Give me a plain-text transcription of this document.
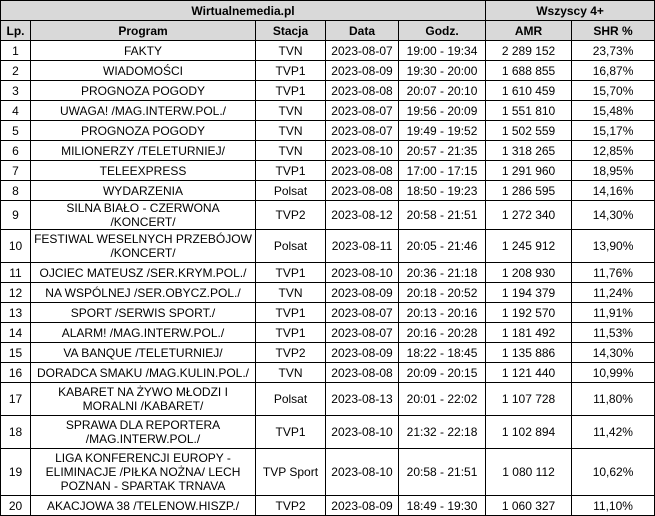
Wirtualnemedia.pl					Wszyscy 4+	
Lp.	Program	Stacja	Data	Godz.	AMR	SHR %
1	FAKTY	TVN	2023-08-07	19:00 - 19:34	2 289 152	23,73%
2	WIADOMOŚCI	TVP1	2023-08-09	19:30 - 20:00	1 688 855	16,87%
3	PROGNOZA POGODY	TVP1	2023-08-08	20:07 - 20:10	1 610 459	15,70%
4	UWAGA! /MAG.INTERW.POL./	TVN	2023-08-07	19:56 - 20:09	1 551 810	15,48%
5	PROGNOZA POGODY	TVN	2023-08-07	19:49 - 19:52	1 502 559	15,17%
6	MILIONERZY /TELETURNIEJ/	TVN	2023-08-10	20:57 - 21:35	1 318 265	12,85%
7	TELEEXPRESS	TVP1	2023-08-08	17:00 - 17:15	1 291 960	18,95%
8	WYDARZENIA	Polsat	2023-08-08	18:50 - 19:23	1 286 595	14,16%
9	SILNA BIAŁO - CZERWONA /KONCERT/	TVP2	2023-08-12	20:58 - 21:51	1 272 340	14,30%
10	FESTIWAL WESELNYCH PRZEBÓJOW /KONCERT/	Polsat	2023-08-11	20:05 - 21:46	1 245 912	13,90%
11	OJCIEC MATEUSZ /SER.KRYM.POL./	TVP1	2023-08-10	20:36 - 21:18	1 208 930	11,76%
12	NA WSPÓLNEJ /SER.OBYCZ.POL./	TVN	2023-08-09	20:18 - 20:52	1 194 379	11,24%
13	SPORT /SERWIS SPORT./	TVP1	2023-08-07	20:13 - 20:16	1 192 570	11,91%
14	ALARM! /MAG.INTERW.POL./	TVP1	2023-08-07	20:16 - 20:28	1 181 492	11,53%
15	VA BANQUE /TELETURNIEJ/	TVP2	2023-08-09	18:22 - 18:45	1 135 886	14,30%
16	DORADCA SMAKU /MAG.KULIN.POL./	TVN	2023-08-08	20:09 - 20:15	1 121 440	10,99%
17	KABARET NA ŻYWO MŁODZI I MORALNI /KABARET/	Polsat	2023-08-13	20:01 - 22:02	1 107 728	11,80%
18	SPRAWA DLA REPORTERA /MAG.INTERW.POL./	TVP1	2023-08-10	21:32 - 22:18	1 102 894	11,42%
19	LIGA KONFERENCJI EUROPY - ELIMINACJE /PIŁKA NOŻNA/ LECH POZNAN - SPARTAK TRNAVA	TVP Sport	2023-08-10	20:58 - 21:51	1 080 112	10,62%
20	AKACJOWA 38 /TELENOW.HISZP./	TVP2	2023-08-09	18:49 - 19:30	1 060 327	11,10%
